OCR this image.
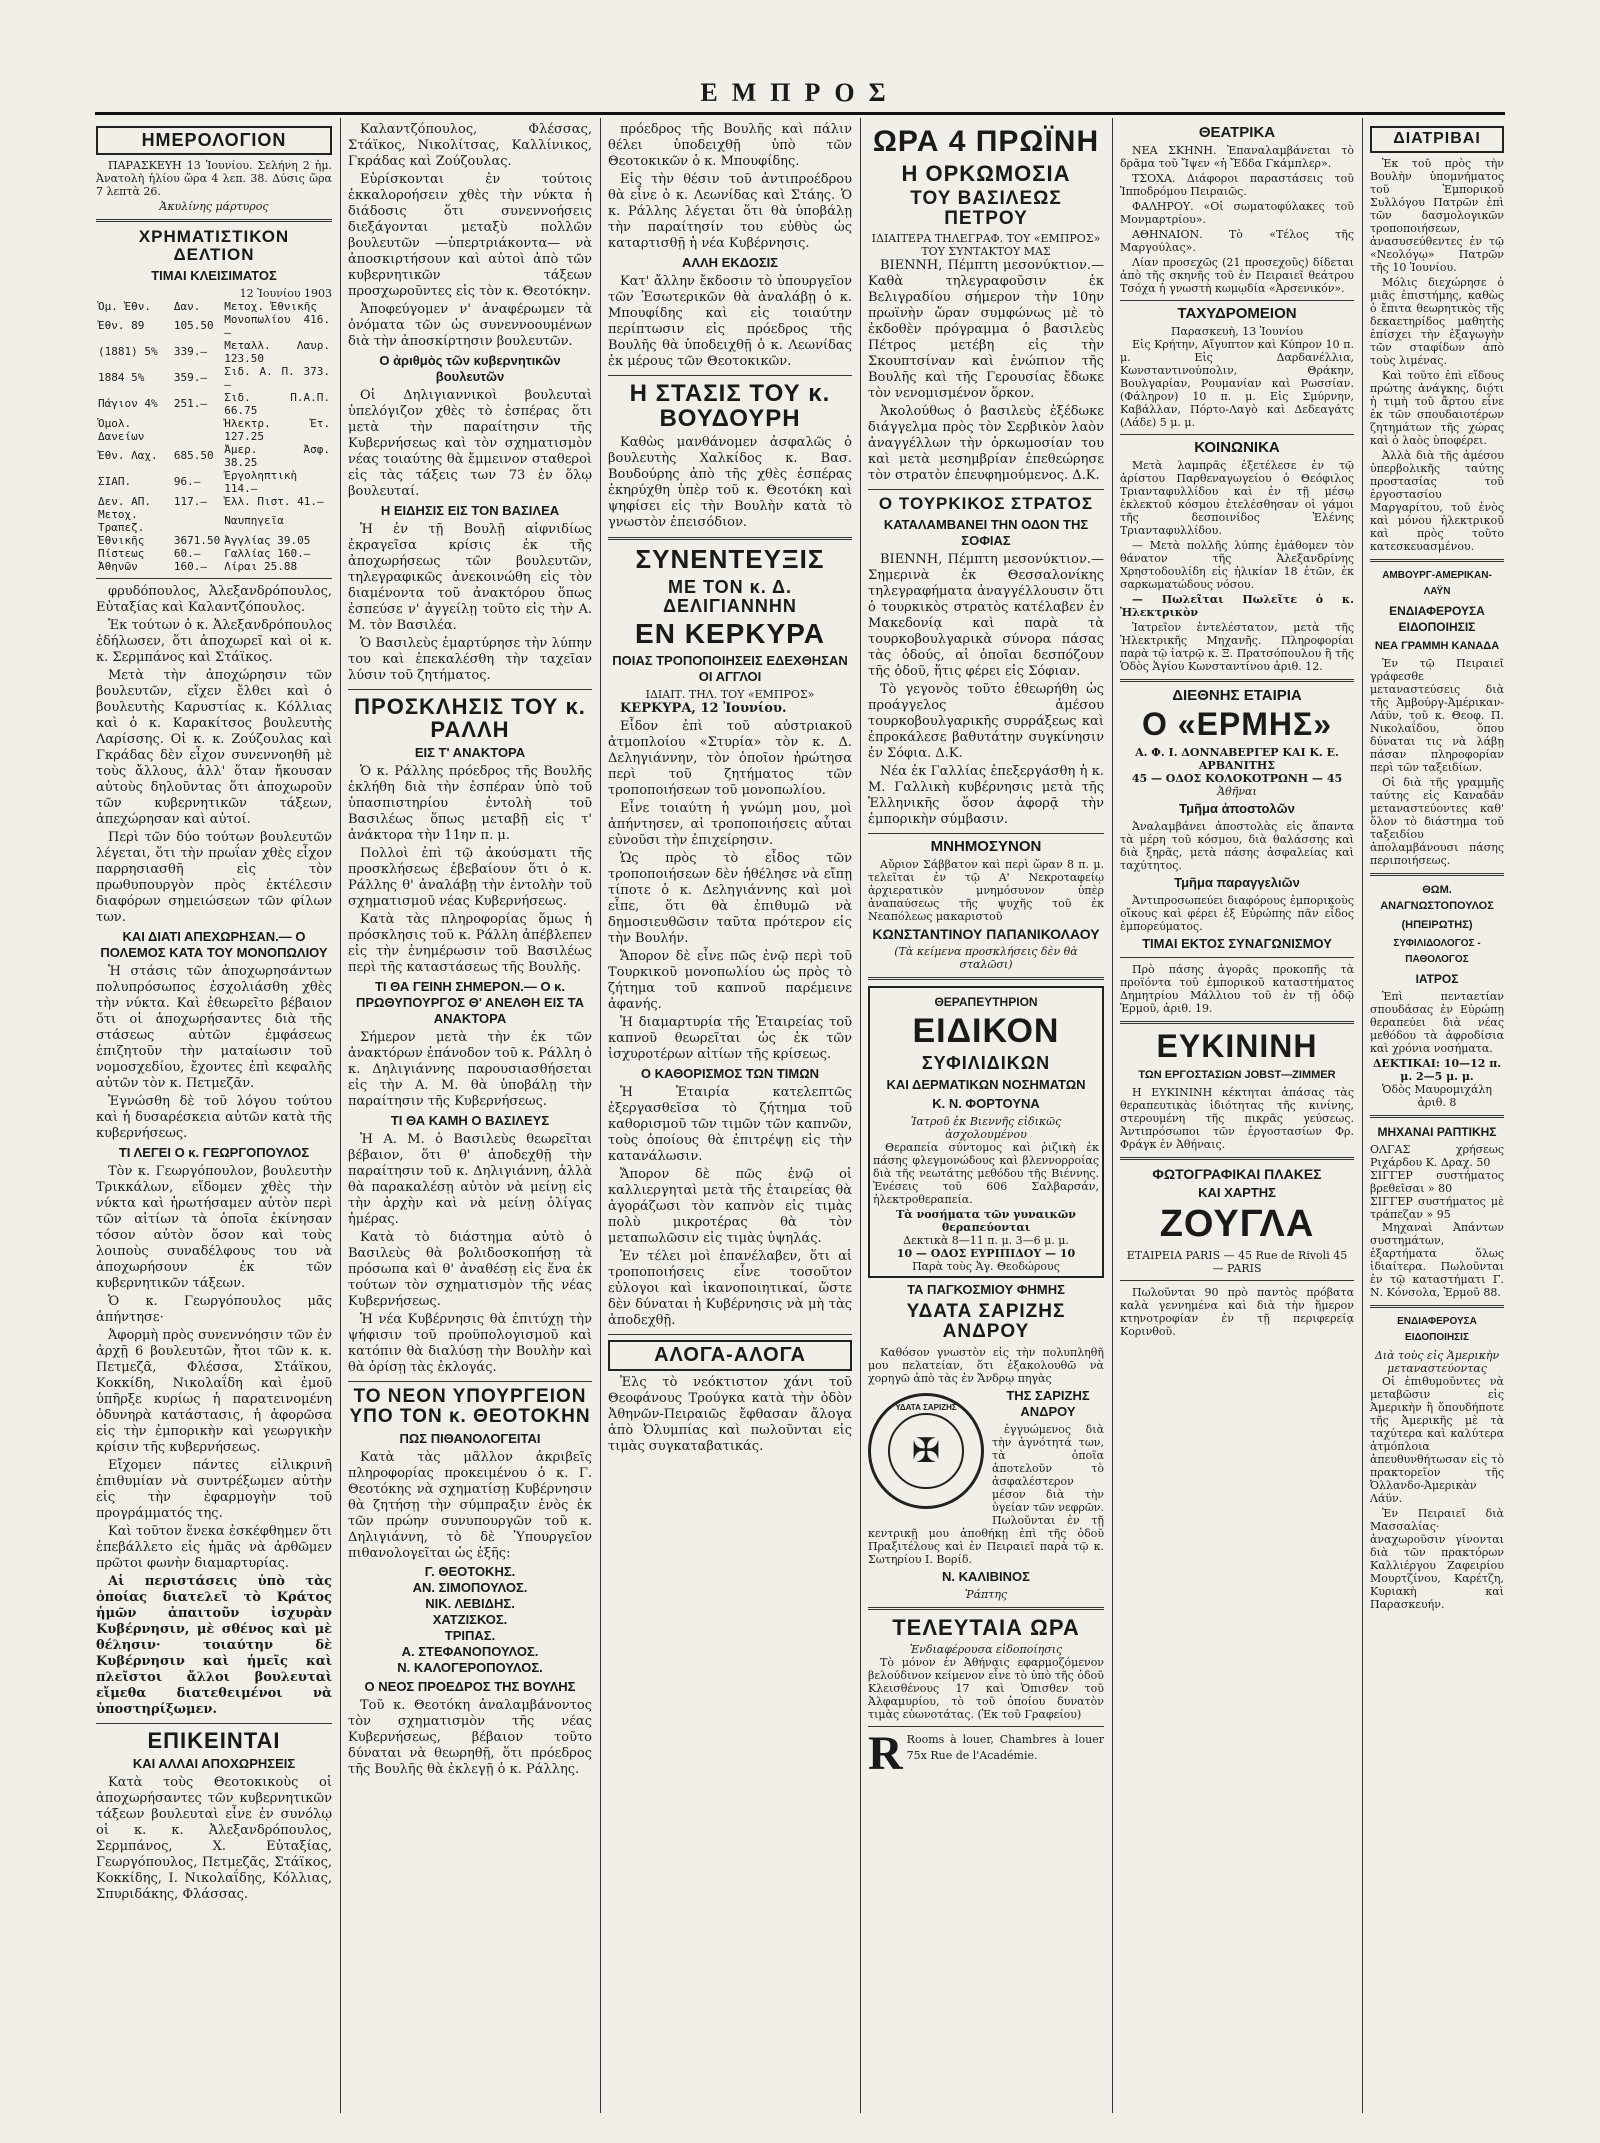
ΕΜΠΡΟΣ
ΗΜΕΡΟΛΟΓΙΟΝ

ΠΑΡΑΣΚΕΥΗ 13 Ἰουνίου. Σελήνη 2 ἡμ. Ἀνατολὴ ἡλίου ὥρα 4 λεπ. 38. Δύσις ὥρα 7 λεπτὰ 26.

Ἀκυλίνης μάρτυρος
ΧΡΗΜΑΤΙΣΤΙΚΟΝ ΔΕΛΤΙΟΝ
ΤΙΜΑΙ ΚΛΕΙΣΙΜΑΤΟΣ
12 Ἰουνίου 1903
Ὁμ. Ἐθν.	Δαν.	Μετοχ. Ἐθνικῆς
Ἐθν. 89	105.50	Μονοπωλίου 416.—
(1881) 5%	339.—	Μεταλλ. Λαυρ. 123.50
1884 5%	359.—	Σιδ. Α. Π. 373.—
Πάγιον 4%	251.—	Σιδ. Π.Α.Π. 66.75
Ὁμολ. Δανείων		Ἠλεκτρ. Ἐτ. 127.25
Ἐθν. Λαχ.	685.50	Ἀμερ. Ἀσφ. 38.25
ΣΙΑΠ.	96.—	Ἐργοληπτικὴ 114.—
Δεν. ΑΠ.	117.—	Ἑλλ. Πιστ. 41.—
Μετοχ. Τραπεζ.		Ναυπηγεῖα
Ἐθνικῆς	3671.50	Ἀγγλίας 39.05
Πίστεως	60.—	Γαλλίας 160.—
Ἀθηνῶν	160.—	Λίραι 25.88

φρυδόπουλος, Ἀλεξανδρόπουλος, Εὐταξίας καὶ Καλαντζόπουλος.

Ἐκ τούτων ὁ κ. Ἀλεξανδρόπουλος ἐδήλωσεν, ὅτι ἀποχωρεῖ καὶ οἱ κ. κ. Σερμπάνος καὶ Στάϊκος.

Μετὰ τὴν ἀποχώρησιν τῶν βουλευτῶν, εἴχεν ἔλθει καὶ ὁ βουλευτὴς Καρυστίας κ. Κόλλιας καὶ ὁ κ. Καρακίτσος βουλευτὴς Λαρίσσης. Οἱ κ. κ. Ζούζουλας καὶ Γκράδας δὲν εἶχον συνεννοηθῆ μὲ τοὺς ἄλλους, ἀλλ' ὅταν ἤκουσαν αὐτοὺς δηλοῦντας ὅτι ἀποχωροῦν τῶν κυβερνητικῶν τάξεων, ἀπεχώρησαν καὶ αὐτοί.

Περὶ τῶν δύο τούτων βουλευτῶν λέγεται, ὅτι τὴν πρωΐαν χθὲς εἶχον παρρησιασθῆ εἰς τὸν πρωθυπουργὸν πρὸς ἐκτέλεσιν διαφόρων σημειώσεων τῶν φίλων των.

ΚΑΙ ΔΙΑΤΙ ΑΠΕΧΩΡΗΣΑΝ.— Ο ΠΟΛΕΜΟΣ ΚΑΤΑ ΤΟΥ ΜΟΝΟΠΩΛΙΟΥ

Ἡ στάσις τῶν ἀποχωρησάντων πολυπρόσωπος ἐσχολιάσθη χθὲς τὴν νύκτα. Καὶ ἐθεωρεῖτο βέβαιον ὅτι οἱ ἀποχωρήσαντες διὰ τῆς στάσεως αὐτῶν ἐμφάσεως ἐπιζητοῦν τὴν ματαίωσιν τοῦ νομοσχεδίου, ἔχοντες ἐπὶ κεφαλῆς αὐτῶν τὸν κ. Πετμεζᾶν.

Ἐγνώσθη δὲ τοῦ λόγου τούτου καὶ ἡ δυσαρέσκεια αὐτῶν κατὰ τῆς κυβερνήσεως.

ΤΙ ΛΕΓΕΙ Ο κ. ΓΕΩΡΓΟΠΟΥΛΟΣ

Τὸν κ. Γεωργόπουλον, βουλευτὴν Τρικκάλων, εἴδομεν χθὲς τὴν νύκτα καὶ ἠρωτήσαμεν αὐτὸν περὶ τῶν αἰτίων τὰ ὁποῖα ἐκίνησαν τόσον αὐτὸν ὅσον καὶ τοὺς λοιποὺς συναδέλφους του νὰ ἀποχωρήσουν ἐκ τῶν κυβερνητικῶν τάξεων.

Ὁ κ. Γεωργόπουλος μᾶς ἀπήντησε·

Ἀφορμὴ πρὸς συνεννόησιν τῶν ἐν ἀρχῇ 6 βουλευτῶν, ἤτοι τῶν κ. κ. Πετμεζᾶ, Φλέσσα, Στάϊκου, Κοκκίδη, Νικολαΐδη καὶ ἐμοῦ ὑπῆρξε κυρίως ἡ παρατεινομένη ὀδυνηρὰ κατάστασις, ἡ ἀφορῶσα εἰς τὴν ἐμπορικὴν καὶ γεωργικὴν κρίσιν τῆς κυβερνήσεως.

Εἴχομεν πάντες εἰλικρινῆ ἐπιθυμίαν νὰ συντρέξωμεν αὐτὴν εἰς τὴν ἐφαρμογὴν τοῦ προγράμματός της.

Καὶ τοῦτον ἕνεκα ἐσκέφθημεν ὅτι ἐπεβάλλετο εἰς ἡμᾶς νὰ ἀρθῶμεν πρῶτοι φωνὴν διαμαρτυρίας.

Αἱ περιστάσεις ὑπὸ τὰς ὁποίας διατελεῖ τὸ Κράτος ἡμῶν ἀπαιτοῦν ἰσχυρὰν Κυβέρνησιν, μὲ σθένος καὶ μὲ θέλησιν· τοιαύτην δὲ Κυβέρνησιν καὶ ἡμεῖς καὶ πλεῖστοι ἄλλοι βουλευταὶ εἴμεθα διατεθειμένοι νὰ ὑποστηρίξωμεν.

ΕΠΙΚΕΙΝΤΑΙ
ΚΑΙ ΑΛΛΑΙ ΑΠΟΧΩΡΗΣΕΙΣ

Κατὰ τοὺς Θεοτοκικοὺς οἱ ἀποχωρήσαντες τῶν κυβερνητικῶν τάξεων βουλευταὶ εἶνε ἐν συνόλῳ οἱ κ. κ. Ἀλεξανδρόπουλος, Σερμπάνος, Χ. Εὐταξίας, Γεωργόπουλος, Πετμεζᾶς, Στάϊκος, Κοκκίδης, Ι. Νικολαΐδης, Κόλλιας, Σπυριδάκης, Φλάσσας.

Καλαντζόπουλος, Φλέσσας, Στάϊκος, Νικολίτσας, Καλλίνικος, Γκράδας καὶ Ζούζουλας.

Εὑρίσκονται ἐν τούτοις ἐκκαλοροήσειν χθὲς τὴν νύκτα ἡ διάδοσις ὅτι συνεννοήσεις διεξάγονται μεταξὺ πολλῶν βουλευτῶν —ὑπερτριάκοντα— νὰ ἀποσκιρτήσουν καὶ αὐτοὶ ἀπὸ τῶν κυβερνητικῶν τάξεων προσχωροῦντες εἰς τὸν κ. Θεοτόκην.

Ἀποφεύγομεν ν' ἀναφέρωμεν τὰ ὀνόματα τῶν ὡς συνεννοουμένων διὰ τὴν ἀποσκίρτησιν βουλευτῶν.

Ο ἀριθμὸς τῶν κυβερνητικῶν βουλευτῶν

Οἱ Δηλιγιαννικοὶ βουλευταὶ ὑπελόγιζον χθὲς τὸ ἑσπέρας ὅτι μετὰ τὴν παραίτησιν τῆς Κυβερνήσεως καὶ τὸν σχηματισμὸν νέας τοιαύτης θὰ ἔμμεινον σταθεροὶ εἰς τὰς τάξεις των 73 ἐν ὅλῳ βουλευταί.

Η ΕΙΔΗΣΙΣ ΕΙΣ ΤΟΝ ΒΑΣΙΛΕΑ

Ἡ ἐν τῇ Βουλῇ αἰφνιδίως ἐκραγεῖσα κρίσις ἐκ τῆς ἀποχωρήσεως τῶν βουλευτῶν, τηλεγραφικῶς ἀνεκοινώθη εἰς τὸν διαμένοντα τοῦ ἀνακτόρου ὅπως ἐσπεύσε ν' ἀγγείλῃ τοῦτο εἰς τὴν Α. Μ. τὸν Βασιλέα.

Ὁ Βασιλεὺς ἐμαρτύρησε τὴν λύπην του καὶ ἐπεκαλέσθη τὴν ταχεῖαν λύσιν τοῦ ζητήματος.

ΠΡΟΣΚΛΗΣΙΣ ΤΟΥ κ. ΡΑΛΛΗ
ΕΙΣ Τ' ΑΝΑΚΤΟΡΑ

Ὁ κ. Ράλλης πρόεδρος τῆς Βουλῆς ἐκλήθη διὰ τὴν ἐσπέραν ὑπὸ τοῦ ὑπασπιστηρίου ἐντολὴ τοῦ Βασιλέως ὅπως μεταβῇ εἰς τ' ἀνάκτορα τὴν 11ην π. μ.

Πολλοὶ ἐπὶ τῷ ἀκούσματι τῆς προσκλήσεως ἐβεβαίουν ὅτι ὁ κ. Ράλλης θ' ἀναλάβῃ τὴν ἐντολὴν τοῦ σχηματισμοῦ νέας Κυβερνήσεως.

Κατὰ τὰς πληροφορίας ὅμως ἡ πρόσκλησις τοῦ κ. Ράλλη ἀπέβλεπεν εἰς τὴν ἐνημέρωσιν τοῦ Βασιλέως περὶ τῆς καταστάσεως τῆς Βουλῆς.

ΤΙ ΘΑ ΓΕΙΝΗ ΣΗΜΕΡΟΝ.— Ο κ. ΠΡΩΘΥΠΟΥΡΓΟΣ Θ' ΑΝΕΛΘΗ ΕΙΣ ΤΑ ΑΝΑΚΤΟΡΑ

Σήμερον μετὰ τὴν ἐκ τῶν ἀνακτόρων ἐπάνοδον τοῦ κ. Ράλλη ὁ κ. Δηλιγιάννης παρουσιασθήσεται εἰς τὴν Α. Μ. θὰ ὑποβάλῃ τὴν παραίτησιν τῆς Κυβερνήσεως.

ΤΙ ΘΑ ΚΑΜΗ Ο ΒΑΣΙΛΕΥΣ

Ἡ Α. Μ. ὁ Βασιλεὺς θεωρεῖται βέβαιον, ὅτι θ' ἀποδεχθῇ τὴν παραίτησιν τοῦ κ. Δηλιγιάννη, ἀλλὰ θὰ παρακαλέσῃ αὐτὸν νὰ μείνῃ εἰς τὴν ἀρχὴν καὶ νὰ μείνῃ ὀλίγας ἡμέρας.

Κατὰ τὸ διάστημα αὐτὸ ὁ Βασιλεὺς θὰ βολιδοσκοπήσῃ τὰ πρόσωπα καὶ θ' ἀναθέσῃ εἰς ἕνα ἐκ τούτων τὸν σχηματισμὸν τῆς νέας Κυβερνήσεως.

Ἡ νέα Κυβέρνησις θὰ ἐπιτύχῃ τὴν ψήφισιν τοῦ προϋπολογισμοῦ καὶ κατόπιν θὰ διαλύσῃ τὴν Βουλὴν καὶ θὰ ὁρίσῃ τὰς ἐκλογάς.

ΤΟ ΝΕΟΝ ΥΠΟΥΡΓΕΙΟΝ ΥΠΟ ΤΟΝ κ. ΘΕΟΤΟΚΗΝ
ΠΩΣ ΠΙΘΑΝΟΛΟΓΕΙΤΑΙ

Κατὰ τὰς μᾶλλον ἀκριβεῖς πληροφορίας προκειμένου ὁ κ. Γ. Θεοτόκης νὰ σχηματίσῃ Κυβέρνησιν θὰ ζητήσῃ τὴν σύμπραξιν ἑνὸς ἐκ τῶν πρώην συνυπουργῶν τοῦ κ. Δηλιγιάννη, τὸ δὲ Ὑπουργεῖον πιθανολογεῖται ὡς ἑξῆς:

Γ. ΘΕΟΤΟΚΗΣ.
ΑΝ. ΣΙΜΟΠΟΥΛΟΣ.
ΝΙΚ. ΛΕΒΙΔΗΣ.
ΧΑΤΖΙΣΚΟΣ.
ΤΡΙΠΑΣ.
Α. ΣΤΕΦΑΝΟΠΟΥΛΟΣ.
Ν. ΚΑΛΟΓΕΡΟΠΟΥΛΟΣ.
Ο ΝΕΟΣ ΠΡΟΕΔΡΟΣ ΤΗΣ ΒΟΥΛΗΣ

Τοῦ κ. Θεοτόκη ἀναλαμβάνοντος τὸν σχηματισμὸν τῆς νέας Κυβερνήσεως, βέβαιον τοῦτο δύναται νὰ θεωρηθῇ, ὅτι πρόεδρος τῆς Βουλῆς θὰ ἐκλεγῇ ὁ κ. Ράλλης.

πρόεδρος τῆς Βουλῆς καὶ πάλιν θέλει ὑποδειχθῇ ὑπὸ τῶν Θεοτοκικῶν ὁ κ. Μπουφίδης.

Εἰς τὴν θέσιν τοῦ ἀντιπροέδρου θὰ εἶνε ὁ κ. Λεωνίδας καὶ Στάης. Ὁ κ. Ράλλης λέγεται ὅτι θὰ ὑποβάλῃ τὴν παραίτησίν του εὐθὺς ὡς καταρτισθῇ ἡ νέα Κυβέρνησις.

ΑΛΛΗ ΕΚΔΟΣΙΣ

Κατ' ἄλλην ἔκδοσιν τὸ ὑπουργεῖον τῶν Ἐσωτερικῶν θὰ ἀναλάβῃ ὁ κ. Μπουφίδης καὶ εἰς τοιαύτην περίπτωσιν εἰς πρόεδρος τῆς Βουλῆς θὰ ὑποδειχθῇ ὁ κ. Λεωνίδας ἐκ μέρους τῶν Θεοτοκικῶν.

Η ΣΤΑΣΙΣ ΤΟΥ κ. ΒΟΥΔΟΥΡΗ

Καθὼς μανθάνομεν ἀσφαλῶς ὁ βουλευτὴς Χαλκίδος κ. Βασ. Βουδούρης ἀπὸ τῆς χθὲς ἐσπέρας ἐκηρύχθη ὑπὲρ τοῦ κ. Θεοτόκη καὶ ψηφίσει εἰς τὴν Βουλὴν κατὰ τὸ γνωστὸν ἐπεισόδιον.

ΣΥΝΕΝΤΕΥΞΙΣ
ΜΕ ΤΟΝ κ. Δ. ΔΕΛΙΓΙΑΝΝΗΝ
ΕΝ ΚΕΡΚΥΡΑ
ΠΟΙΑΣ ΤΡΟΠΟΠΟΙΗΣΕΙΣ ΕΔΕΧΘΗΣΑΝ ΟΙ ΑΓΓΛΟΙ
ΙΔΙΑΙΤ. ΤΗΛ. ΤΟΥ «ΕΜΠΡΟΣ»

ΚΕΡΚΥΡΑ, 12 Ἰουνίου.

Εἶδον ἐπὶ τοῦ αὐστριακοῦ ἀτμοπλοίου «Στυρία» τὸν κ. Δ. Δεληγιάννην, τὸν ὁποῖον ἠρώτησα περὶ τοῦ ζητήματος τῶν τροποποιήσεων τοῦ μονοπωλίου.

Εἶνε τοιαύτη ἡ γνώμη μου, μοὶ ἀπήντησεν, αἱ τροποποιήσεις αὗται εὐνοῦσι τὴν ἐπιχείρησιν.

Ὡς πρὸς τὸ εἶδος τῶν τροποποιήσεων δὲν ἠθέλησε νὰ εἴπῃ τίποτε ὁ κ. Δεληγιάννης καὶ μοὶ εἶπε, ὅτι θὰ ἐπιθυμῶ νὰ δημοσιευθῶσιν ταῦτα πρότερον εἰς τὴν Βουλήν.

Ἄπορον δὲ εἶνε πῶς ἐνῷ περὶ τοῦ Τουρκικοῦ μονοπωλίου ὡς πρὸς τὸ ζήτημα τοῦ καπνοῦ παρέμεινε ἀφανής.

Ἡ διαμαρτυρία τῆς Ἑταιρείας τοῦ καπνοῦ θεωρεῖται ὡς ἐκ τῶν ἰσχυροτέρων αἰτίων τῆς κρίσεως.

Ο ΚΑΘΟΡΙΣΜΟΣ ΤΩΝ ΤΙΜΩΝ

Ἡ Ἑταιρία κατελεπτῶς ἐξεργασθεῖσα τὸ ζήτημα τοῦ καθορισμοῦ τῶν τιμῶν τῶν καπνῶν, τοὺς ὁποίους θὰ ἐπιτρέψῃ εἰς τὴν κατανάλωσιν.

Ἄπορον δὲ πῶς ἐνῷ οἱ καλλιεργηταὶ μετὰ τῆς ἑταιρείας θὰ ἀγοράζωσι τὸν καπνὸν εἰς τιμὰς πολὺ μικροτέρας θὰ τὸν μεταπωλῶσιν εἰς τιμὰς ὑψηλάς.

Ἐν τέλει μοὶ ἐπανέλαβεν, ὅτι αἱ τροποποιήσεις εἶνε τοσοῦτον εὐλογοι καὶ ἱκανοποιητικαί, ὥστε δὲν δύναται ἡ Κυβέρνησις νὰ μὴ τὰς ἀποδεχθῇ.

ΑΛΟΓΑ-ΑΛΟΓΑ

Ἐλς τὸ νεόκτιστον χάνι τοῦ Θεοφάνους Τρούγκα κατὰ τὴν ὁδὸν Ἀθηνῶν-Πειραιῶς ἔφθασαν ἄλογα ἀπὸ Ὀλυμπίας καὶ πωλοῦνται εἰς τιμὰς συγκαταβατικάς.

ΩΡΑ 4 ΠΡΩΪΝΗ
Η ΟΡΚΩΜΟΣΙΑ
ΤΟΥ ΒΑΣΙΛΕΩΣ ΠΕΤΡΟΥ
ΙΔΙΑΙΤΕΡΑ ΤΗΛΕΓΡΑΦ. ΤΟΥ «ΕΜΠΡΟΣ» ΤΟΥ ΣΥΝΤΑΚΤΟΥ ΜΑΣ

ΒΙΕΝΝΗ, Πέμπτη μεσονύκτιον.— Καθὰ τηλεγραφοῦσιν ἐκ Βελιγραδίου σήμερον τὴν 10ην πρωϊνὴν ὥραν συμφώνως μὲ τὸ ἐκδοθὲν πρόγραμμα ὁ βασιλεὺς Πέτρος μετέβη εἰς τὴν Σκουπτσίναν καὶ ἐνώπιον τῆς Βουλῆς καὶ τῆς Γερουσίας ἔδωκε τὸν νενομισμένον ὅρκον.

Ἀκολούθως ὁ βασιλεὺς ἐξέδωκε διάγγελμα πρὸς τὸν Σερβικὸν λαὸν ἀναγγέλλων τὴν ὁρκωμοσίαν του καὶ μετὰ μεσημβρίαν ἐπεθεώρησε τὸν στρατὸν ἐπευφημούμενος. Δ.Κ.

Ο ΤΟΥΡΚΙΚΟΣ ΣΤΡΑΤΟΣ
ΚΑΤΑΛΑΜΒΑΝΕΙ ΤΗΝ ΟΔΟΝ ΤΗΣ ΣΟΦΙΑΣ

ΒΙΕΝΝΗ, Πέμπτη μεσονύκτιον.— Σημερινὰ ἐκ Θεσσαλονίκης τηλεγραφήματα ἀναγγέλλουσιν ὅτι ὁ τουρκικὸς στρατὸς κατέλαβεν ἐν Μακεδονίᾳ καὶ παρὰ τὰ τουρκοβουλγαρικὰ σύνορα πάσας τὰς ὁδούς, αἱ ὁποῖαι δεσπόζουν τῆς ὁδοῦ, ἥτις φέρει εἰς Σόφιαν.

Τὸ γεγονὸς τοῦτο ἐθεωρήθη ὡς προάγγελος ἀμέσου τουρκοβουλγαρικῆς συρράξεως καὶ ἐπροκάλεσε βαθυτάτην συγκίνησιν ἐν Σόφια. Δ.Κ.

Νέα ἐκ Γαλλίας ἐπεξεργάσθη ἡ κ. Μ. Γαλλικὴ κυβέρνησις μετὰ τῆς Ἑλληνικῆς ὅσον ἀφορᾷ τὴν ἐμπορικὴν σύμβασιν.

ΜΝΗΜΟΣΥΝΟΝ

Αὔριον Σάββατον καὶ περὶ ὥραν 8 π. μ. τελεῖται ἐν τῷ Α' Νεκροταφείῳ ἀρχιερατικὸν μνημόσυνον ὑπὲρ ἀναπαύσεως τῆς ψυχῆς τοῦ ἐκ Νεαπόλεως μακαριστοῦ

ΚΩΝΣΤΑΝΤΙΝΟΥ ΠΑΠΑΝΙΚΟΛΑΟΥ
(Τὰ κείμενα προσκλήσεις δὲν θὰ σταλῶσι)
ΘΕΡΑΠΕΥΤΗΡΙΟΝ
ΕΙΔΙΚΟΝ
ΣΥΦΙΛΙΔΙΚΩΝ
ΚΑΙ ΔΕΡΜΑΤΙΚΩΝ ΝΟΣΗΜΑΤΩΝ
Κ. Ν. ΦΟΡΤΟΥΝΑ
Ἰατροῦ ἐκ Βιεννῆς εἰδικῶς ἀσχολουμένου

Θεραπεία σύντομος καὶ ῥιζικὴ ἐκ πάσης φλεγμονώδους καὶ βλεννορροίας διὰ τῆς νεωτάτης μεθόδου τῆς Βιέννης. Ἑνέσεις τοῦ 606 Σαλβαρσάν, ἡλεκτροθεραπεία.

Τὰ νοσήματα τῶν γυναικῶν θεραπεύονται
Δεκτικὰ 8—11 π. μ. 3—6 μ. μ.
10 — ΟΔΟΣ ΕΥΡΙΠΙΔΟΥ — 10
Παρὰ τοὺς Ἁγ. Θεοδώρους
ΤΑ ΠΑΓΚΟΣΜΙΟΥ ΦΗΜΗΣ
ΥΔΑΤΑ ΣΑΡΙΖΗΣ ΑΝΔΡΟΥ

Καθόσον γνωστὸν εἰς τὴν πολυπληθῆ μου πελατείαν, ὅτι ἐξακολουθῶ νὰ χορηγῶ ἀπὸ τὰς ἐν Ἄνδρῳ πηγὰς

ΥΔΑΤΑ ΣΑΡΙΖΗΣ
✠
ΤΗΣ ΣΑΡΙΖΗΣ ΑΝΔΡΟΥ

ἐγγυώμενος διὰ τὴν ἀγνότητά των, τὰ ὁποῖα ἀποτελοῦν τὸ ἀσφαλέστερον μέσον διὰ τὴν ὑγείαν τῶν νεφρῶν. Πωλοῦνται ἐν τῇ κεντρικῇ μου ἀποθήκῃ ἐπὶ τῆς ὁδοῦ Πραξιτέλους καὶ ἐν Πειραιεῖ παρὰ τῷ κ. Σωτηρίου Ι. Βορίδ.

Ν. ΚΑΛΙΒΙΝΟΣ
Ῥάπτης
ΤΕΛΕΥΤΑΙΑ ΩΡΑ
Ἐνδιαφέρουσα εἰδοποίησις

Τὸ μόνον ἐν Ἀθήναις εφαρμοζόμενον βελούδινον κείμενον εἶνε τὸ ὑπὸ τῆς ὁδοῦ Κλεισθένους 17 καὶ Ὁπισθεν τοῦ Ἀλφαμυρίου, τὸ τοῦ ὁποίου δυνατὸν τιμὰς εὐωνοτάτας. (Ἐκ τοῦ Γραφείου)

R Rooms à louer, Chambres à louer 75x Rue de l'Académie.
ΘΕΑΤΡΙΚΑ

ΝΕΑ ΣΚΗΝΗ. Ἐπαναλαμβάνεται τὸ δρᾶμα τοῦ Ἴψεν «ἡ Ἔδδα Γκάμπλερ».

ΤΣΟΧΑ. Διάφοροι παραστάσεις τοῦ Ἱπποδρόμου Πειραιῶς.

ΦΑΛΗΡΟΥ. «Οἱ σωματοφύλακες τοῦ Μονμαρτρίου».

ΑΘΗΝΑΙΟΝ. Τὸ «Τέλος τῆς Μαργούλας».

Λίαν προσεχῶς (21 προσεχοῦς) δίδεται ἀπὸ τῆς σκηνῆς τοῦ ἐν Πειραιεῖ θεάτρου Τσόχα ἡ γνωστὴ κωμῳδία «Ἀρσενικόν».

ΤΑΧΥΔΡΟΜΕΙΟΝ
Παρασκευὴ, 13 Ἰουνίου

Εἰς Κρήτην, Αἴγυπτον καὶ Κύπρον 10 π. μ. Εἰς Δαρδανέλλια, Κωνσταντινούπολιν, Θράκην, Βουλγαρίαν, Ρουμανίαν καὶ Ρωσσίαν. (Φάληρον) 10 π. μ. Εἰς Σμύρνην, Καβάλλαν, Πόρτο-Λαγὸ καὶ Δεδεαγάτς (Λάδε) 5 μ. μ.

ΚΟΙΝΩΝΙΚΑ

Μετὰ λαμπρᾶς ἐξετέλεσε ἐν τῷ ἀρίστου Παρθεναγωγείου ὁ Θεόφιλος Τριανταφυλλίδου καὶ ἐν τῇ μέσῳ ἐκλεκτοῦ κόσμου ἐτελέσθησαν οἱ γάμοι τῆς δεσποινίδος Ἑλένης Τριανταφυλλίδου.

— Μετὰ πολλῆς λύπης ἐμάθομεν τὸν θάνατον τῆς Ἀλεξανδρίνης Χρηστοδουλίδη εἰς ἡλικίαν 18 ἐτῶν, ἐκ σαρκωματώδους νόσου.

— Πωλεῖται Πωλεῖτε ὁ κ. Ἠλεκτρικὸν

Ἰατρεῖον ἐντελέστατον, μετὰ τῆς Ἠλεκτρικῆς Μηχανῆς. Πληροφορίαι παρὰ τῷ ἰατρῷ κ. Ξ. Πρατσόπουλου ἢ τῆς Ὁδὸς Ἁγίου Κωνσταντίνου ἀριθ. 12.

ΔΙΕΘΝΗΣ ΕΤΑΙΡΙΑ
Ο «ΕΡΜΗΣ»
Α. Φ. Ι. ΔΟΝΝΑΒΕΡΓΕΡ ΚΑΙ Κ. Ε. ΑΡΒΑΝΙΤΗΣ
45 — ΟΔΟΣ ΚΟΛΟΚΟΤΡΩΝΗ — 45
Ἀθῆναι
Τμῆμα ἀποστολῶν

Ἀναλαμβάνει ἀποστολὰς εἰς ἅπαντα τὰ μέρη τοῦ κόσμου, διὰ θαλάσσης καὶ διὰ ξηρᾶς, μετὰ πάσης ἀσφαλείας καὶ ταχύτητος.

Τμῆμα παραγγελιῶν

Ἀντιπροσωπεύει διαφόρους ἐμπορικοὺς οἴκους καὶ φέρει ἐξ Εὐρώπης πᾶν εἶδος ἐμπορεύματος.

ΤΙΜΑΙ ΕΚΤΟΣ ΣΥΝΑΓΩΝΙΣΜΟΥ

Πρὸ πάσης ἀγορᾶς προκοπῆς τὰ προϊόντα τοῦ ἐμπορικοῦ καταστήματος Δημητρίου Μάλλιου τοῦ ἐν τῇ ὁδῷ Ἑρμοῦ, ἀριθ. 19.

ΕΥΚΙΝΙΝΗ
ΤΩΝ ΕΡΓΟΣΤΑΣΙΩΝ JOBST—ZIMMER

Η ΕΥΚΙΝΙΝΗ κέκτηται ἁπάσας τὰς θεραπευτικὰς ἰδιότητας τῆς κινίνης, στερουμένη τῆς πικρᾶς γεύσεως. Ἀντιπρόσωποι τῶν ἐργοστασίων Φρ. Φράγκ ἐν Ἀθήναις.

ΦΩΤΟΓΡΑΦΙΚΑΙ ΠΛΑΚΕΣ
ΚΑΙ ΧΑΡΤΗΣ
ΖΟΥΓΛΑ
ΕΤΑΙΡΕΙΑ PARIS — 45 Rue de Rivoli 45 — PARIS

Πωλοῦνται 90 πρὸ παντὸς πρόβατα καλὰ γεννημένα καὶ διὰ τὴν ἥμερον κτηνοτροφίαν ἐν τῇ περιφερείᾳ Κορινθοῦ.

ΔΙΑΤΡΙΒΑΙ

Ἐκ τοῦ πρὸς τὴν Βουλὴν ὑπομνήματος τοῦ Ἐμπορικοῦ Συλλόγου Πατρῶν ἐπὶ τῶν δασμολογικῶν τροποποιήσεων, ἀνασυσεύθεντες ἐν τῷ «Νεολόγῳ» Πατρῶν τῆς 10 Ἰουνίου.

Μόλις διεχώρησε ὁ μιᾶς ἐπιστήμης, καθὼς ὁ ἔπιτα θεωρητικὸς τῆς δεκαετηρίδος μαθητὴς ἐπίσχει τὴν ἐξαγωγὴν τῶν σταφίδων ἀπὸ τοὺς λιμένας.

Καὶ τοῦτο ἐπὶ εἴδους πρώτης ἀνάγκης, διότι ἡ τιμὴ τοῦ ἄρτου εἶνε ἐκ τῶν σπουδαιοτέρων ζητημάτων τῆς χώρας καὶ ὁ λαὸς ὑποφέρει.

Ἀλλὰ διὰ τῆς ἀμέσου ὑπερβολικῆς ταύτης προστασίας τοῦ ἐργοστασίου Μαργαρίτου, τοῦ ἑνὸς καὶ μόνου ἠλεκτρικοῦ καὶ πρὸς τοῦτο κατεσκευασμένου.

ΑΜΒΟΥΡΓ-ΑΜΕΡΙΚΑΝ-ΛΑΫΝ
ΕΝΔΙΑΦΕΡΟΥΣΑ ΕΙΔΟΠΟΙΗΣΙΣ
ΝΕΑ ΓΡΑΜΜΗ ΚΑΝΑΔΑ

Ἐν τῷ Πειραιεῖ γράφεσθε μεταναστεύσεις διὰ τῆς Ἀμβούργ-Ἀμέρικαν-Λάϋν, τοῦ κ. Θεοφ. Π. Νικολαΐδου, ὅπου δύναται τις νὰ λάβῃ πάσαν πληροφορίαν περὶ τῶν ταξειδίων.

Οἱ διὰ τῆς γραμμῆς ταύτης εἰς Καναδᾶν μεταναστεύοντες καθ' ὅλον τὸ διάστημα τοῦ ταξειδίου ἀπολαμβάνουσι πάσης περιποιήσεως.

ΘΩΜ. ΑΝΑΓΝΩΣΤΟΠΟΥΛΟΣ
(ΗΠΕΙΡΩΤΗΣ)
ΣΥΦΙΛΙΔΟΛΟΓΟΣ - ΠΑΘΟΛΟΓΟΣ
ΙΑΤΡΟΣ

Ἐπὶ πενταετίαν σπουδάσας ἐν Εὐρώπῃ θεραπεύει διὰ νέας μεθόδου τὰ ἀφροδίσια καὶ χρόνια νοσήματα.

ΔΕΚΤΙΚΑΙ: 10—12 π. μ. 2—5 μ. μ.
Ὁδὸς Μαυρομιχάλη ἀριθ. 8
ΜΗΧΑΝΑΙ ΡΑΠΤΙΚΗΣ
ΟΛΓΑΣ χρήσεως Ριχάρδου Κ. Δραχ. 50
ΣΙΓΓΕΡ συστήματος βρεθεῖσαι » 80
ΣΙΓΓΕΡ συστήματος μὲ τράπεζαν » 95

Μηχαναὶ Ἀπάντων συστημάτων, ἐξαρτήματα ὅλως ἰδιαίτερα. Πωλοῦνται ἐν τῷ καταστήματι Γ. Ν. Κόνσολα, Ἑρμοῦ 88.

ΕΝΔΙΑΦΕΡΟΥΣΑ ΕΙΔΟΠΟΙΗΣΙΣ
Διὰ τοὺς εἰς Ἀμερικὴν μεταναστεύοντας

Οἱ ἐπιθυμοῦντες νὰ μεταβῶσιν εἰς Ἀμερικὴν ἢ ὅπουδήποτε τῆς Ἀμερικῆς μὲ τὰ ταχύτερα καὶ καλύτερα ἀτμόπλοια ἀπευθυνθήτωσαν εἰς τὸ πρακτορεῖον τῆς Ὀλλανδο-Ἀμερικὰν Λάϋν.

Ἐν Πειραιεῖ διὰ Μασσαλίας· ἀναχωροῦσιν γίνονται διὰ τῶν πρακτόρων Καλλιέργου Ζαφειρίου Μουρτζίνου, Καρέτζη, Κυριακὴ καὶ Παρασκευήν.
